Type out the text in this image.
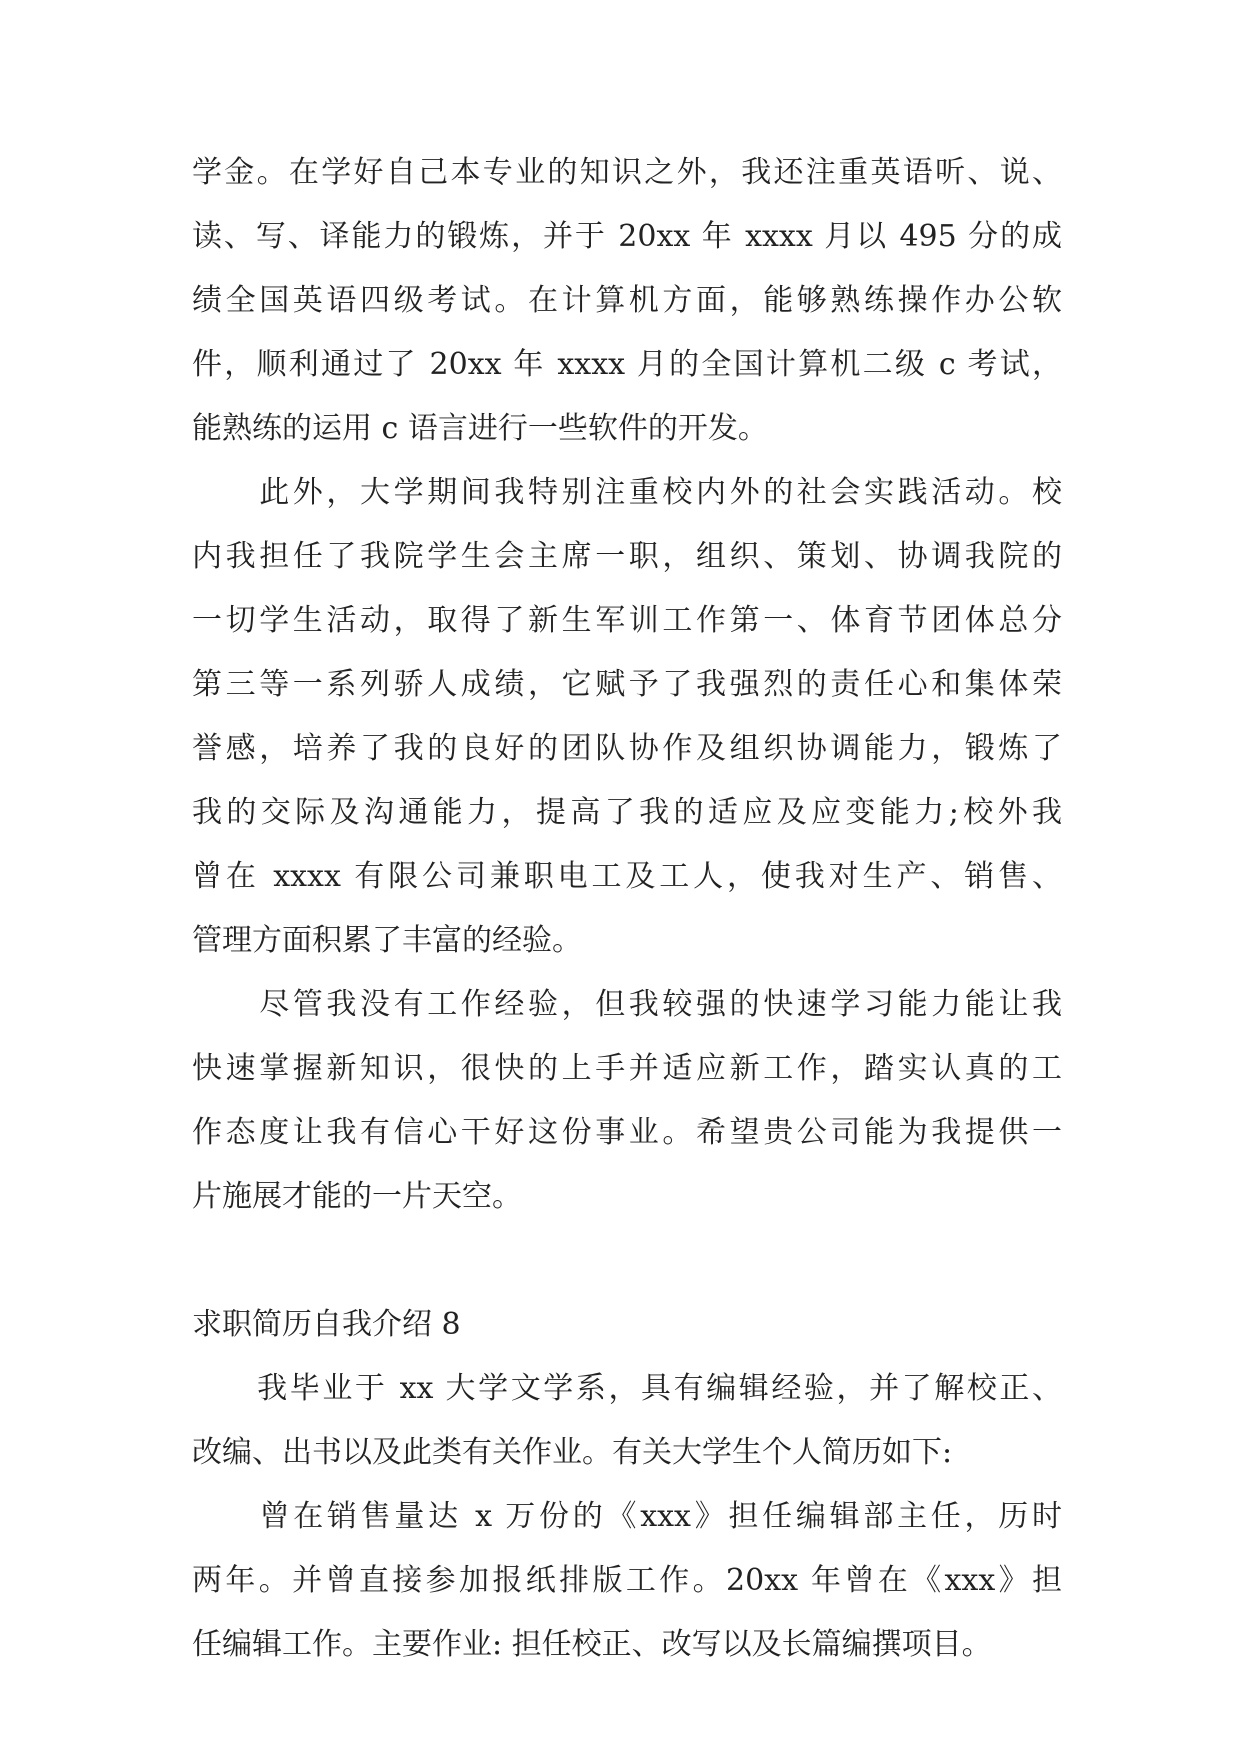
学金。在学好自己本专业的知识之外，我还注重英语听、说、
读、写、译能力的锻炼，并于 20xx 年 xxxx 月以 495 分的成
绩全国英语四级考试。在计算机方面，能够熟练操作办公软
件，顺利通过了 20xx 年 xxxx 月的全国计算机二级 c 考试，
能熟练的运用 c 语言进行一些软件的开发。
　　此外，大学期间我特别注重校内外的社会实践活动。校
内我担任了我院学生会主席一职，组织、策划、协调我院的
一切学生活动，取得了新生军训工作第一、体育节团体总分
第三等一系列骄人成绩，它赋予了我强烈的责任心和集体荣
誉感，培养了我的良好的团队协作及组织协调能力，锻炼了
我的交际及沟通能力，提高了我的适应及应变能力;校外我
曾在 xxxx 有限公司兼职电工及工人，使我对生产、销售、
管理方面积累了丰富的经验。
　　尽管我没有工作经验，但我较强的快速学习能力能让我
快速掌握新知识，很快的上手并适应新工作，踏实认真的工
作态度让我有信心干好这份事业。希望贵公司能为我提供一
片施展才能的一片天空。
求职简历自我介绍 8
　　我毕业于 xx 大学文学系，具有编辑经验，并了解校正、
改编、出书以及此类有关作业。有关大学生个人简历如下:
　　曾在销售量达 x 万份的《xxx》担任编辑部主任，历时
两年。并曾直接参加报纸排版工作。20xx 年曾在《xxx》担
任编辑工作。主要作业: 担任校正、改写以及长篇编撰项目。
